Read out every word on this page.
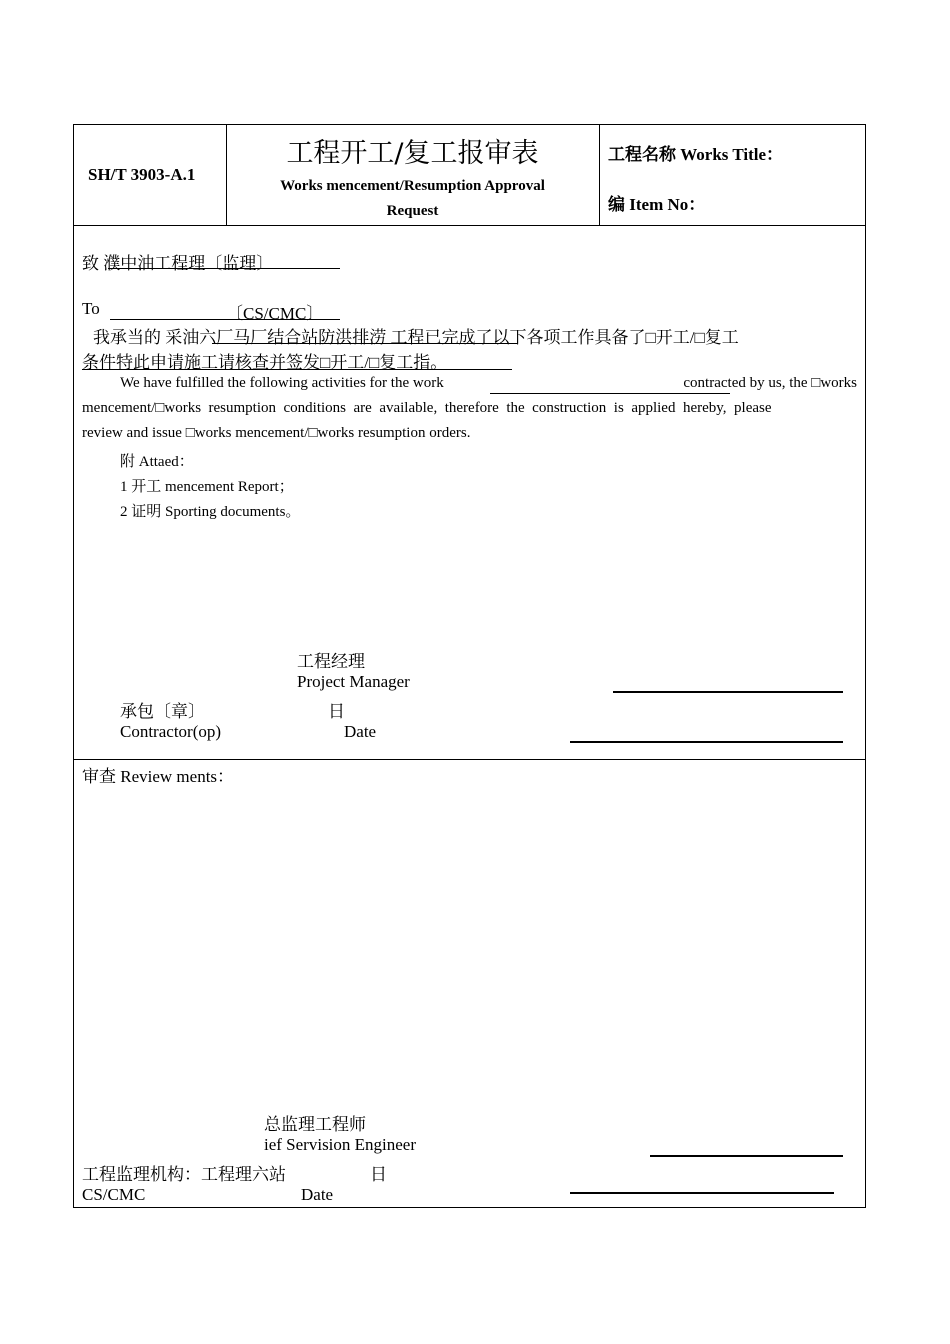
SH/T 3903-A.1
工程开工/复工报审表
Works mencement/Resumption Approval
Request
工程名称 Works Title：
编 Item No：
致 濮中油工程理〔监理〕
To	〔CS/CMC〕
我承当的 采油六厂马厂结合站防洪排涝 工程已完成了以下各项工作具备了□开工/□复工
条件特此申请施工请核查并签发□开工/□复工指。
We have fulfilled the following activities for the work	contracted by us, the □works
mencement/□works  resumption  conditions  are  available,  therefore  the  construction  is  applied  hereby,  please
review and issue □works mencement/□works resumption orders.
附 Attaed：
1 开工 mencement Report；
2 证明 Sporting documents。
工程经理
Project Manager
承包〔章〕	日
Contractor(op)	Date
审查 Review ments：
总监理工程师
ief Servision Engineer
工程监理机构：工程理六站	日
CS/CMC	Date
